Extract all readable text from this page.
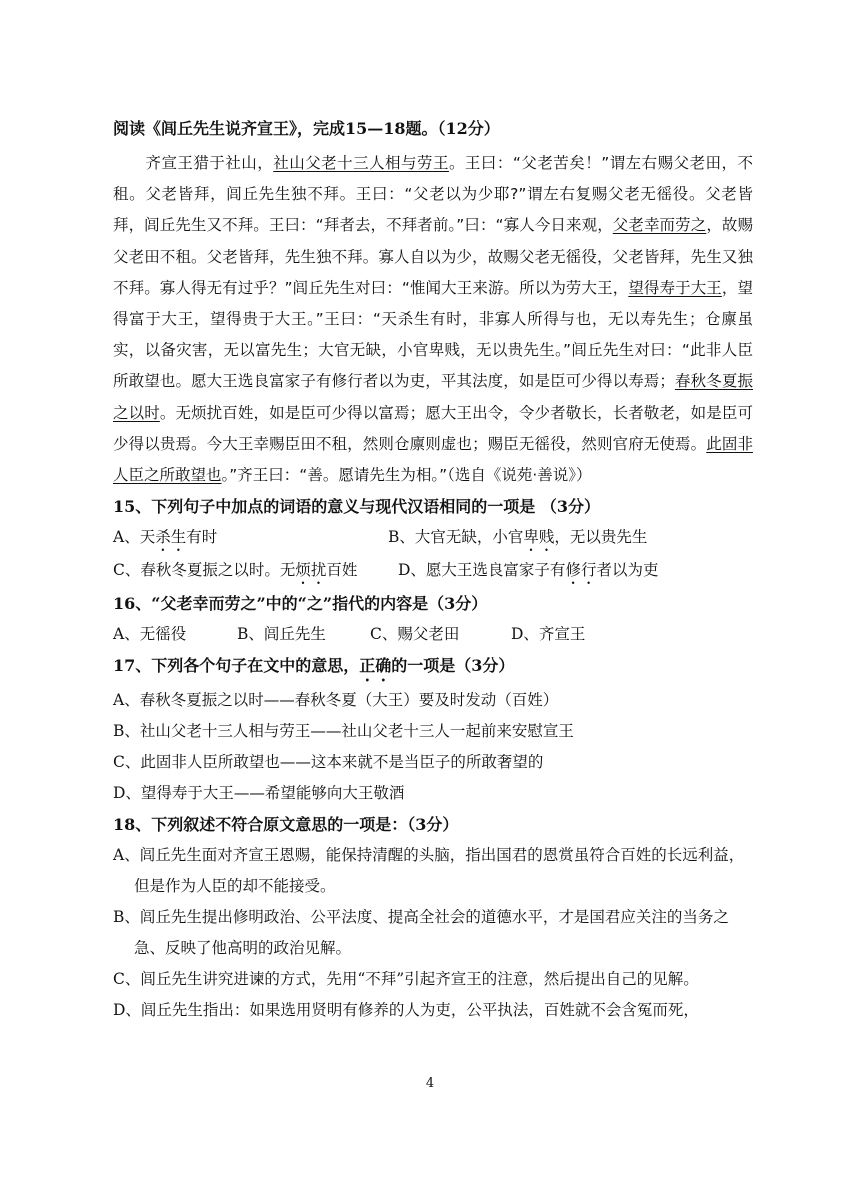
阅读《闾丘先生说齐宣王》，完成15—18题。（12分）

齐宣王猎于社山，社山父老十三人相与劳王。王曰：“父老苦矣！”谓左右赐父老田，不租。父老皆拜，闾丘先生独不拜。王曰：“父老以为少耶?”谓左右复赐父老无徭役。父老皆拜，闾丘先生又不拜。王曰：“拜者去，不拜者前。”曰：“寡人今日来观，父老幸而劳之，故赐父老田不租。父老皆拜，先生独不拜。寡人自以为少，故赐父老无徭役，父老皆拜，先生又独不拜。寡人得无有过乎？”闾丘先生对曰：“惟闻大王来游。所以为劳大王，望得寿于大王，望得富于大王，望得贵于大王。”王曰：“天杀生有时，非寡人所得与也，无以寿先生；仓廪虽实，以备灾害，无以富先生；大官无缺，小官卑贱，无以贵先生。”闾丘先生对曰：“此非人臣所敢望也。愿大王选良富家子有修行者以为吏，平其法度，如是臣可少得以寿焉；春秋冬夏振之以时。无烦扰百姓，如是臣可少得以富焉；愿大王出令，令少者敬长，长者敬老，如是臣可少得以贵焉。今大王幸赐臣田不租，然则仓廪则虚也；赐臣无徭役，然则官府无使焉。此固非人臣之所敢望也。”齐王曰：“善。愿请先生为相。”（选自《说苑·善说》）

15、下列句子中加点的词语的意义与现代汉语相同的一项是 （3分）

A、天杀生有时	B、大官无缺，小官卑贱，无以贵先生
C、春秋冬夏振之以时。无烦扰百姓	D、愿大王选良富家子有修行者以为吏

16、“父老幸而劳之”中的“之”指代的内容是（3分）

A、无徭役	B、闾丘先生	C、赐父老田	D、齐宣王

17、下列各个句子在文中的意思，正确的一项是（3分）

A、春秋冬夏振之以时——春秋冬夏（大王）要及时发动（百姓）

B、社山父老十三人相与劳王——社山父老十三人一起前来安慰宣王

C、此固非人臣所敢望也——这本来就不是当臣子的所敢奢望的

D、望得寿于大王——希望能够向大王敬酒

18、下列叙述不符合原文意思的一项是：（3分）

A、闾丘先生面对齐宣王恩赐，能保持清醒的头脑，指出国君的恩赏虽符合百姓的长远利益，但是作为人臣的却不能接受。

B、闾丘先生提出修明政治、公平法度、提高全社会的道德水平，才是国君应关注的当务之急、反映了他高明的政治见解。

C、闾丘先生讲究进谏的方式，先用“不拜”引起齐宣王的注意，然后提出自己的见解。

D、闾丘先生指出：如果选用贤明有修养的人为吏，公平执法，百姓就不会含冤而死，

4
